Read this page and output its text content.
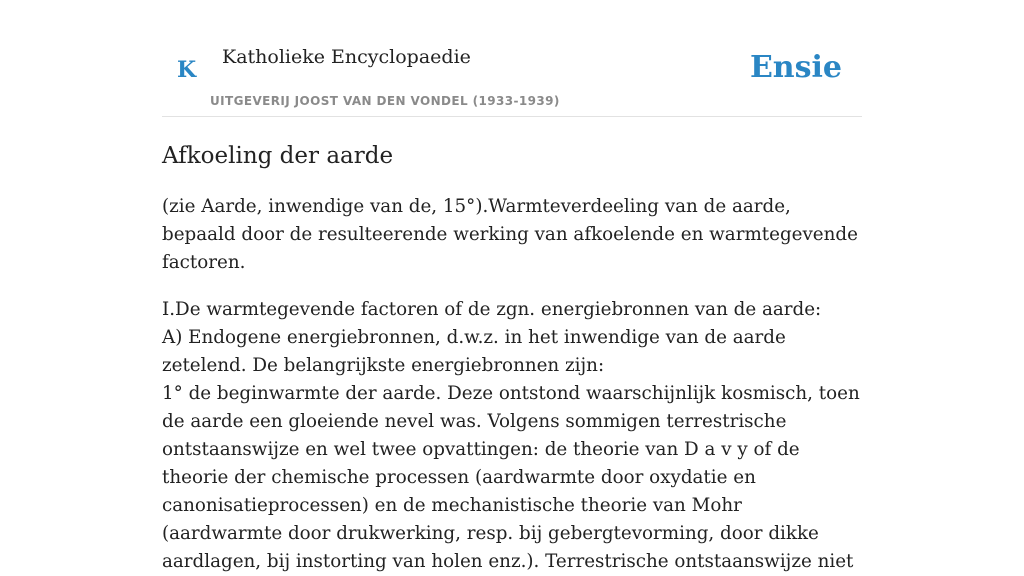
K Katholieke Encyclopaedie
UITGEVERIJ JOOST VAN DEN VONDEL (1933-1939)
Ensie
Afkoeling der aarde

(zie Aarde, inwendige van de, 15°).Warmteverdeeling van de aarde, bepaald door de resulteerende werking van afkoelende en warmtegevende factoren.

I.De warmtegevende factoren of de zgn. energiebronnen van de aarde:
A) Endogene energiebronnen, d.w.z. in het inwendige van de aarde zetelend. De belangrijkste energiebronnen zijn:
1° de beginwarmte der aarde. Deze ontstond waarschijnlijk kosmisch, toen de aarde een gloeiende nevel was. Volgens sommigen terrestrische ontstaanswijze en wel twee opvattingen: de theorie van D a v y of de theorie der chemische processen (aardwarmte door oxydatie en canonisatieprocessen) en de mechanistische theorie van Mohr (aardwarmte door drukwerking, resp. bij gebergtevorming, door dikke aardlagen, bij instorting van holen enz.). Terrestrische ontstaanswijze niet
